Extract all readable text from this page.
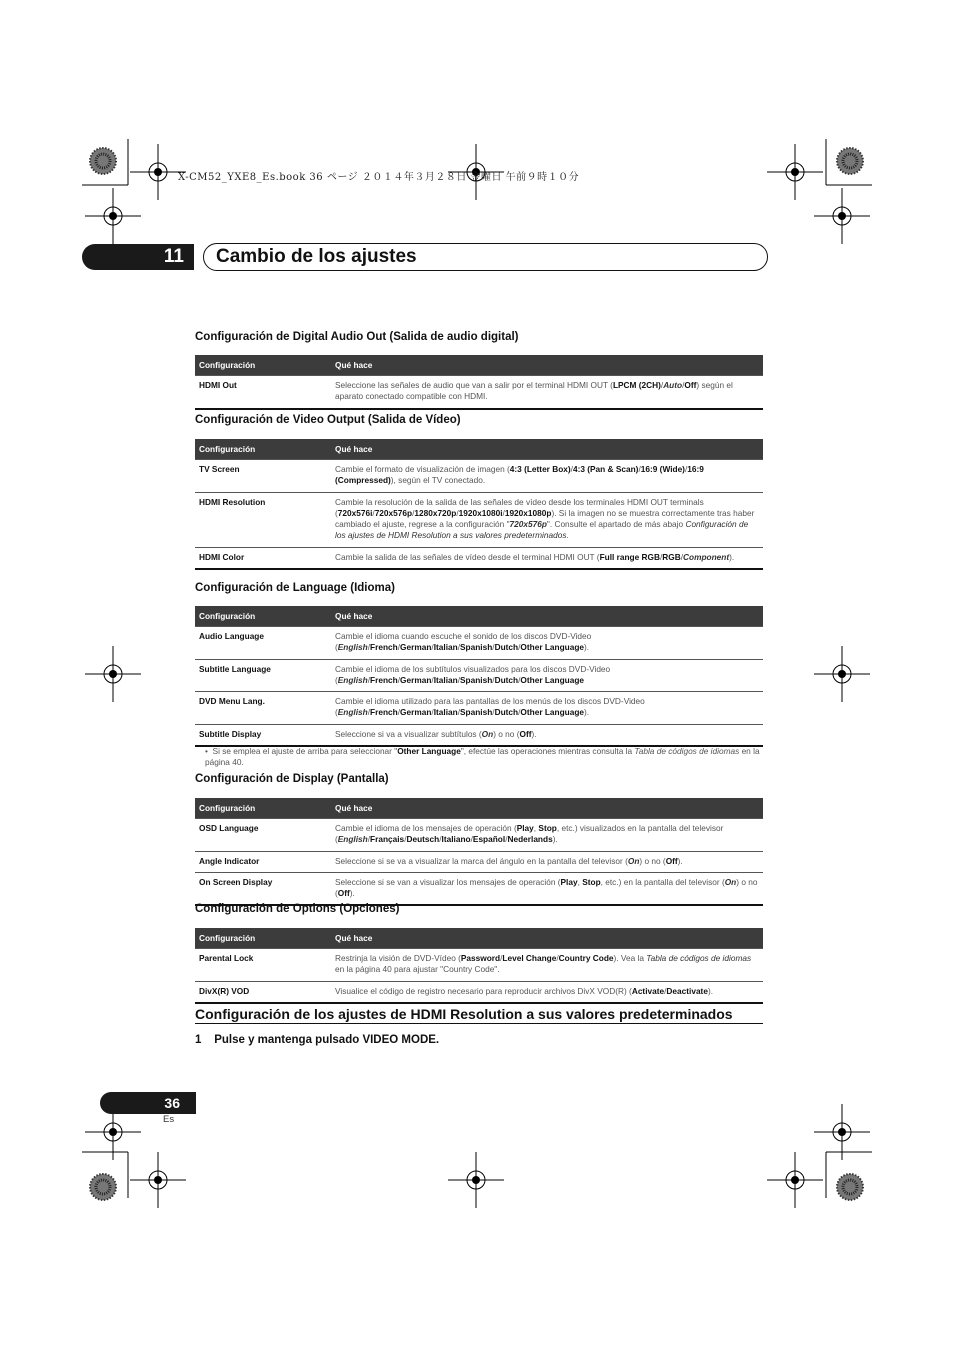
X-CM52_YXE8_Es.book 36 ページ ２０１４年３月２８日 金曜日 午前９時１０分
11	Cambio de los ajustes
Configuración de Digital Audio Out (Salida de audio digital)
Configuración	Qué hace
HDMI Out	Seleccione las señales de audio que van a salir por el terminal HDMI OUT (LPCM (2CH)/Auto/Off) según el aparato conectado compatible con HDMI.
Configuración de Video Output (Salida de Vídeo)
Configuración	Qué hace
TV Screen	Cambie el formato de visualización de imagen (4:3 (Letter Box)/4:3 (Pan & Scan)/16:9 (Wide)/16:9 (Compressed)), según el TV conectado.
HDMI Resolution	Cambie la resolución de la salida de las señales de vídeo desde los terminales HDMI OUT terminals (720x576i/720x576p/1280x720p/1920x1080i/1920x1080p). Si la imagen no se muestra correctamente tras haber cambiado el ajuste, regrese a la configuración "720x576p". Consulte el apartado de más abajo Configuración de los ajustes de HDMI Resolution a sus valores predeterminados.
HDMI Color	Cambie la salida de las señales de vídeo desde el terminal HDMI OUT (Full range RGB/RGB/Component).
Configuración de Language (Idioma)
Configuración	Qué hace
Audio Language	Cambie el idioma cuando escuche el sonido de los discos DVD-Video (English/French/German/Italian/Spanish/Dutch/Other Language).
Subtitle Language	Cambie el idioma de los subtítulos visualizados para los discos DVD-Video (English/French/German/Italian/Spanish/Dutch/Other Language
DVD Menu Lang.	Cambie el idioma utilizado para las pantallas de los menús de los discos DVD-Video (English/French/German/Italian/Spanish/Dutch/Other Language).
Subtitle Display	Seleccione si va a visualizar subtítulos (On) o no (Off).
• Si se emplea el ajuste de arriba para seleccionar "Other Language", efectúe las operaciones mientras consulta la Tabla de códigos de idiomas en la página 40.
Configuración de Display (Pantalla)
Configuración	Qué hace
OSD Language	Cambie el idioma de los mensajes de operación (Play, Stop, etc.) visualizados en la pantalla del televisor (English/Français/Deutsch/Italiano/Español/Nederlands).
Angle Indicator	Seleccione si se va a visualizar la marca del ángulo en la pantalla del televisor (On) o no (Off).
On Screen Display	Seleccione si se van a visualizar los mensajes de operación (Play, Stop, etc.) en la pantalla del televisor (On) o no (Off).
Configuración de Options (Opciones)
Configuración	Qué hace
Parental Lock	Restrinja la visión de DVD-Vídeo (Password/Level Change/Country Code). Vea la Tabla de códigos de idiomas en la página 40 para ajustar "Country Code".
DivX(R) VOD	Visualice el código de registro necesario para reproducir archivos DivX VOD(R) (Activate/Deactivate).
Configuración de los ajustes de HDMI Resolution a sus valores predeterminados
1 Pulse y mantenga pulsado VIDEO MODE.
36
Es
